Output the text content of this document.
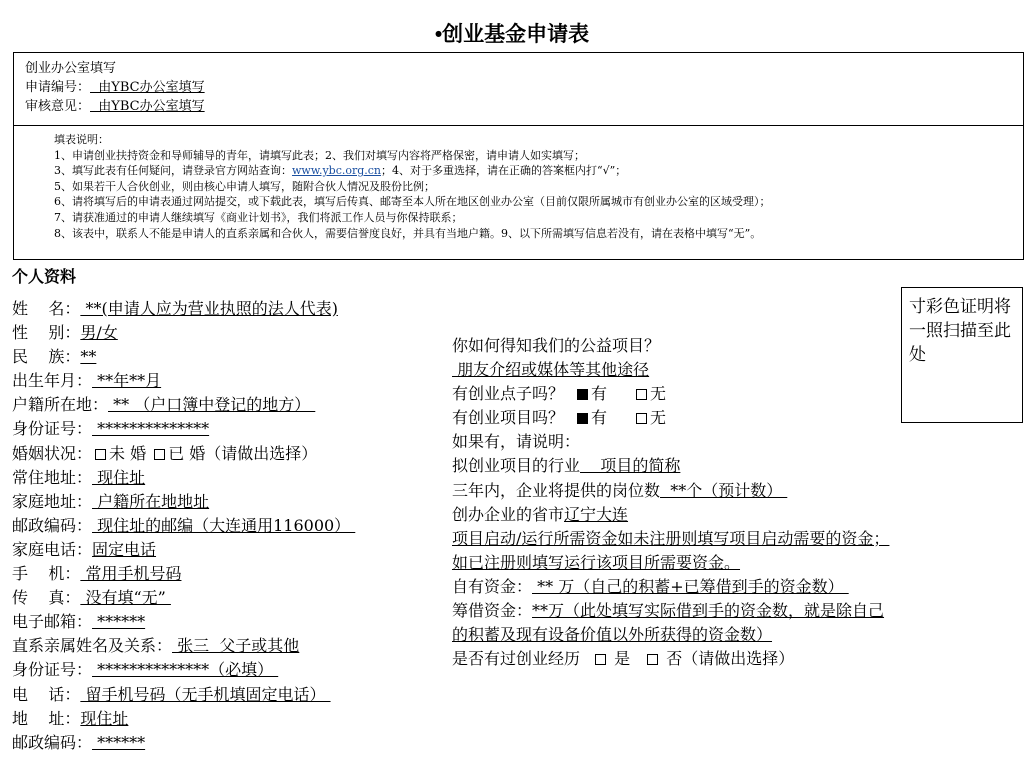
•创业基金申请表
创业办公室填写
申请编号：  由YBC办公室填写
审核意见：  由YBC办公室填写
填表说明：
1、申请创业扶持资金和导师辅导的青年，请填写此表；2、我们对填写内容将严格保密，请申请人如实填写；
3、填写此表有任何疑问，请登录官方网站查询：www.ybc.org.cn；4、对于多重选择，请在正确的答案框内打“√”；
5、如果若干人合伙创业，则由核心申请人填写，随附合伙人情况及股份比例；
6、请将填写后的申请表通过网站提交，或下载此表，填写后传真、邮寄至本人所在地区创业办公室（目前仅限所属城市有创业办公室的区域受理）；
7、请获准通过的申请人继续填写《商业计划书》，我们将派工作人员与你保持联系；
8、该表中，联系人不能是申请人的直系亲属和合伙人，需要信誉度良好，并具有当地户籍。9、以下所需填写信息若没有，请在表格中填写“无”。
个人资料
寸彩色证明将一照扫描至此处
姓    名： **(申请人应为营业执照的法人代表)
性    别：男/女
民    族：**
出生年月： **年**月
户籍所在地： ** （户口簿中登记的地方）
身份证号： **************
婚姻状况： 未 婚 已 婚（请做出选择）
常住地址： 现住址
家庭地址： 户籍所在地地址
邮政编码： 现住址的邮编（大连通用116000）
家庭电话：固定电话
手    机： 常用手机号码
传    真： 没有填“无”
电子邮箱： ******
直系亲属姓名及关系： 张三  父子或其他
身份证号： **************（必填）
电    话： 留手机号码（无手机填固定电话）
地    址：现住址
邮政编码： ******
你如何得知我们的公益项目？
朋友介绍或媒体等其他途径
有创业点子吗？ 有	无
有创业项目吗？ 有	无
如果有，请说明：
拟创业项目的行业    项目的简称
三年内，企业将提供的岗位数  **个（预计数）
创办企业的省市辽宁大连
项目启动/运行所需资金如未注册则填写项目启动需要的资金；如已注册则填写运行该项目所需要资金。
自有资金： ** 万（自己的积蓄+已筹借到手的资金数）
筹借资金：**万（此处填写实际借到手的资金数，就是除自己的积蓄及现有设备价值以外所获得的资金数）
是否有过创业经历 是 否（请做出选择）
